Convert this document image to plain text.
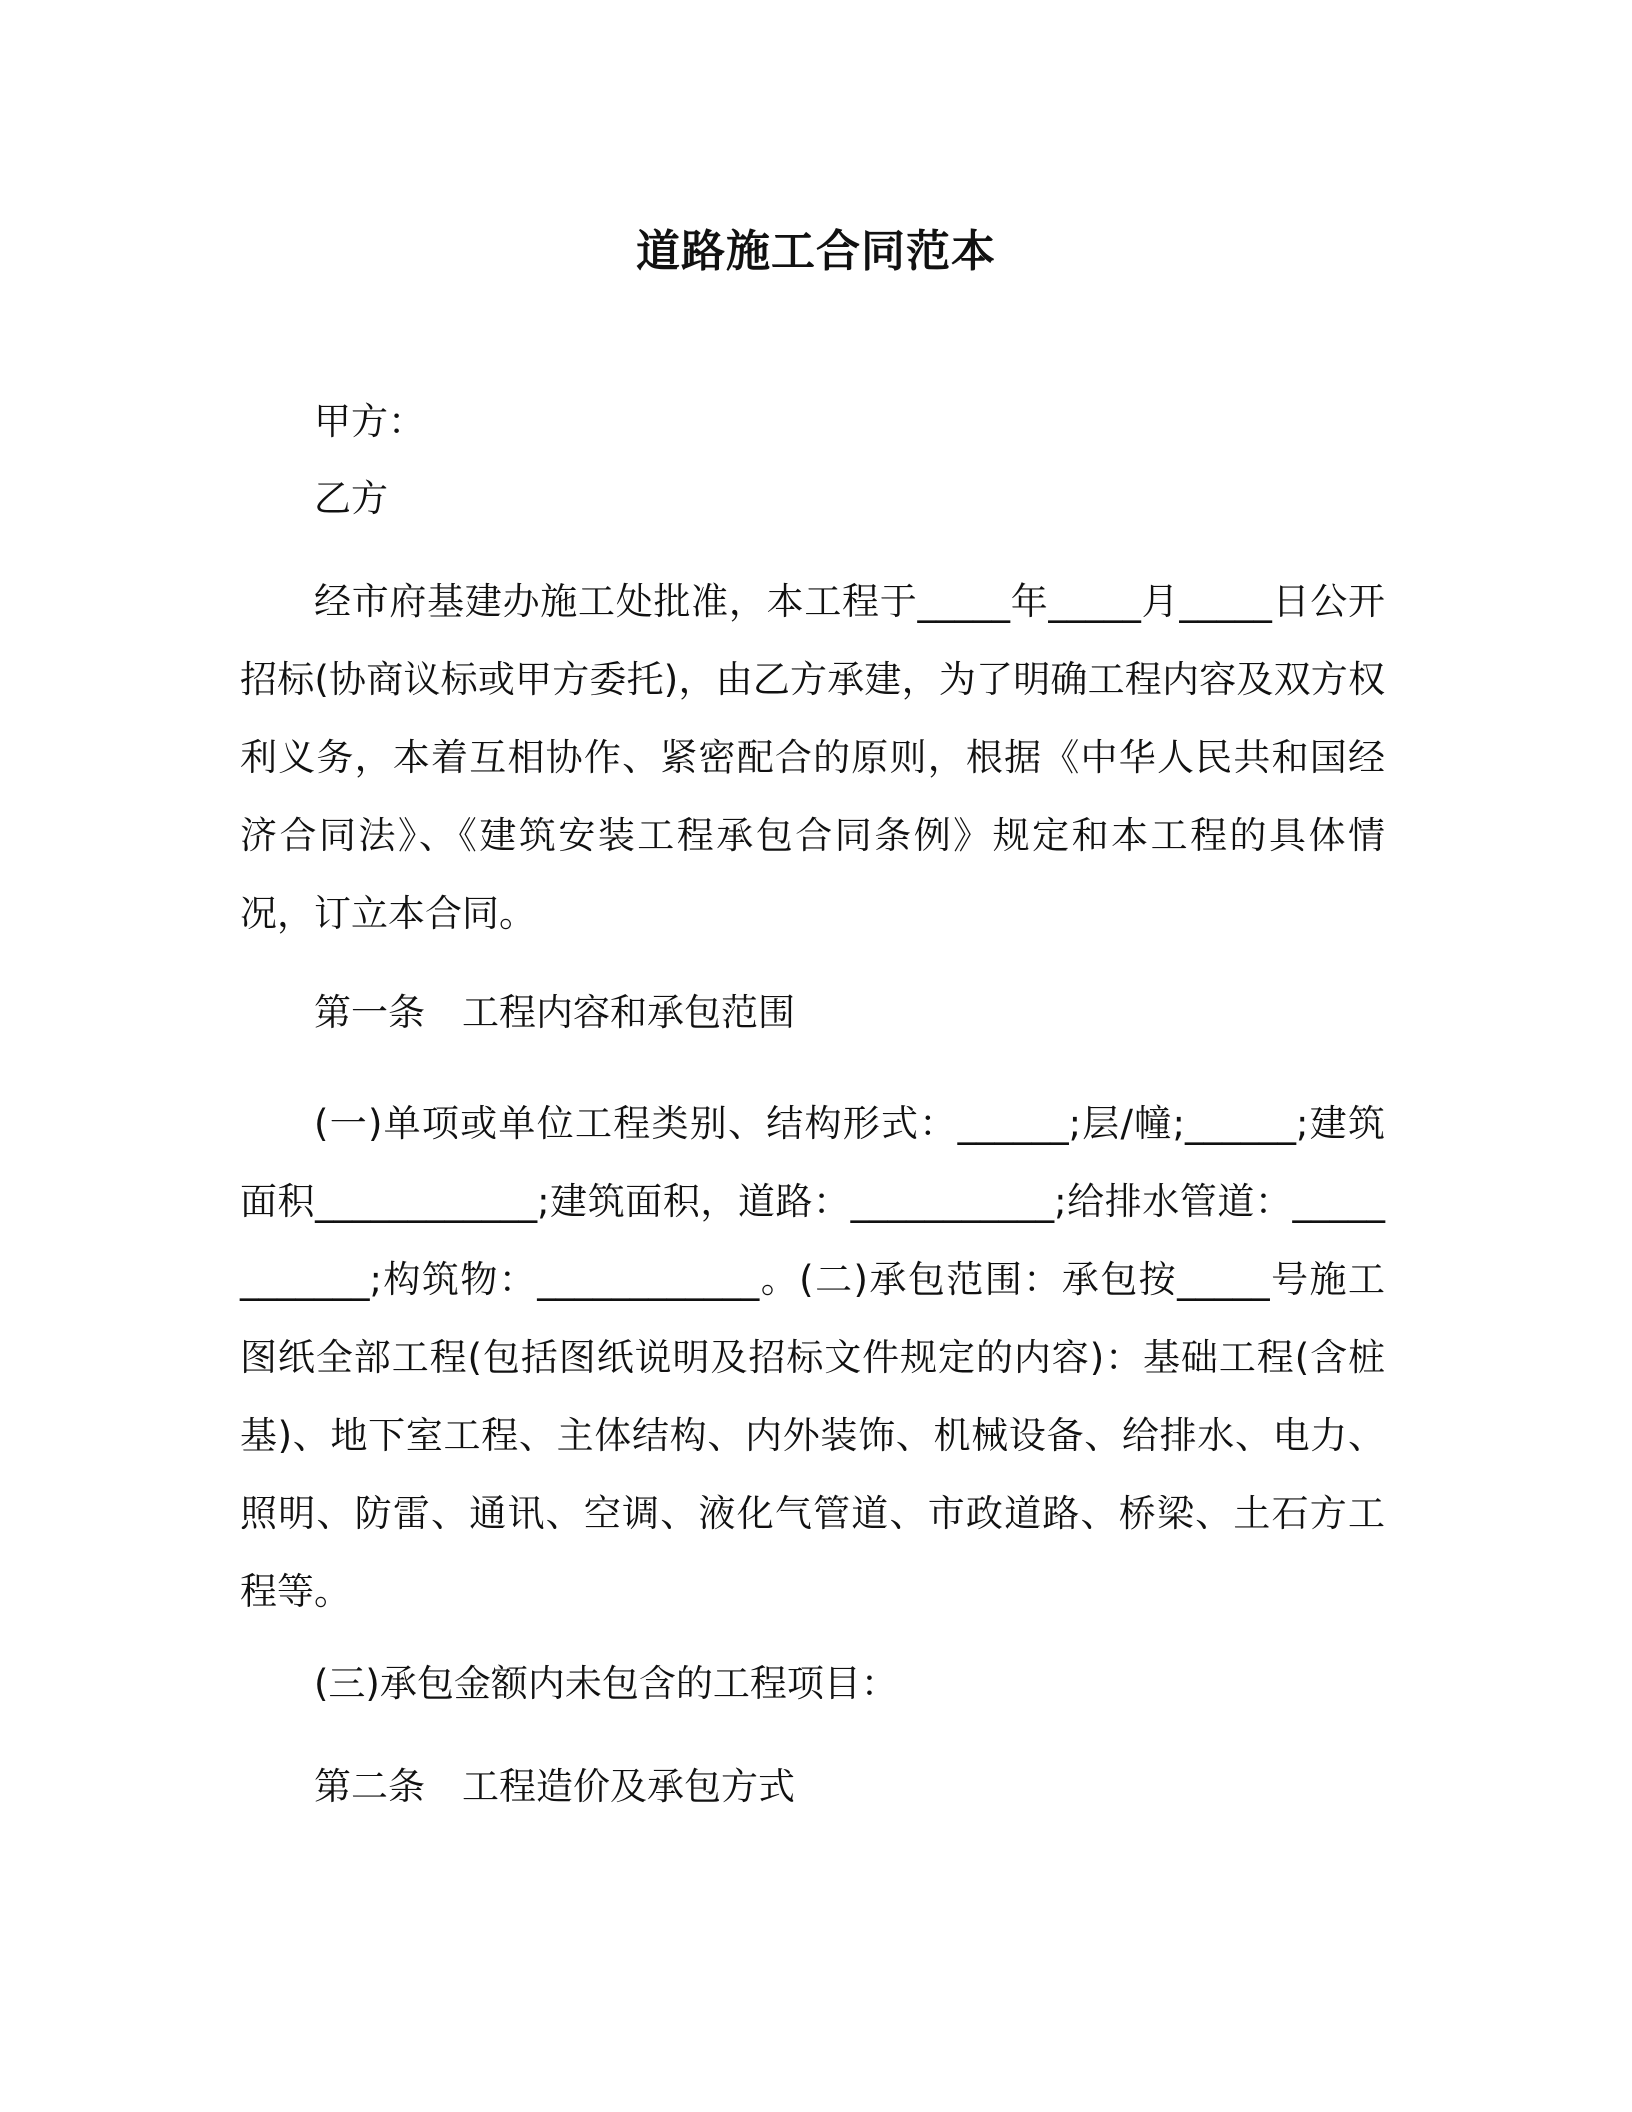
道路施工合同范本
甲方：
乙方
经市府基建办施工处批准，本工程于_____年_____月_____日公开招标(协商议标或甲方委托)，由乙方承建，为了明确工程内容及双方权利义务，本着互相协作、紧密配合的原则，根据《中华人民共和国经济合同法》、《建筑安装工程承包合同条例》规定和本工程的具体情况，订立本合同。
第一条　工程内容和承包范围
(一)单项或单位工程类别、结构形式：______;层/幢;______;建筑面积____________;建筑面积，道路：___________;给排水管道：____________;构筑物：____________。(二)承包范围：承包按_____号施工图纸全部工程(包括图纸说明及招标文件规定的内容)：基础工程(含桩基)、地下室工程、主体结构、内外装饰、机械设备、给排水、电力、照明、防雷、通讯、空调、液化气管道、市政道路、桥梁、土石方工程等。
(三)承包金额内未包含的工程项目：
第二条　工程造价及承包方式
